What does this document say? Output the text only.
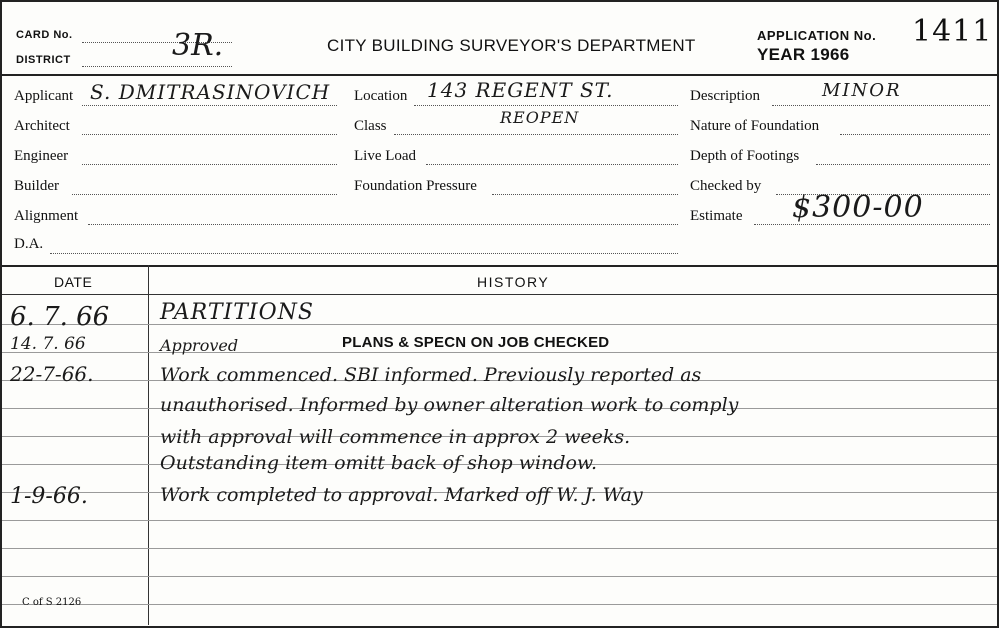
CARD No.
DISTRICT	3R.	CITY BUILDING SURVEYOR'S DEPARTMENT
APPLICATION No. 1411
YEAR 1966
Applicant S. DMITRASINOVICH
Architect
Engineer
Builder
Alignment
D.A.
Location 143 REGENT ST.
Class	REOPEN
Live Load
Foundation Pressure
Description	MINOR
Nature of Foundation
Depth of Footings
Checked by
Estimate $300-00
DATE	HISTORY
6. 7. 66 PARTITIONS
14. 7. 66	Approved	PLANS & SPECN ON JOB CHECKED
22-7-66.	Work commenced. SBI informed. Previously reported as
unauthorised. Informed by owner alteration work to comply
with approval will commence in approx 2 weeks.
Outstanding item omitt back of shop window.
1-9-66.	Work completed to approval. Marked off W. J. Way
C of S 2126
